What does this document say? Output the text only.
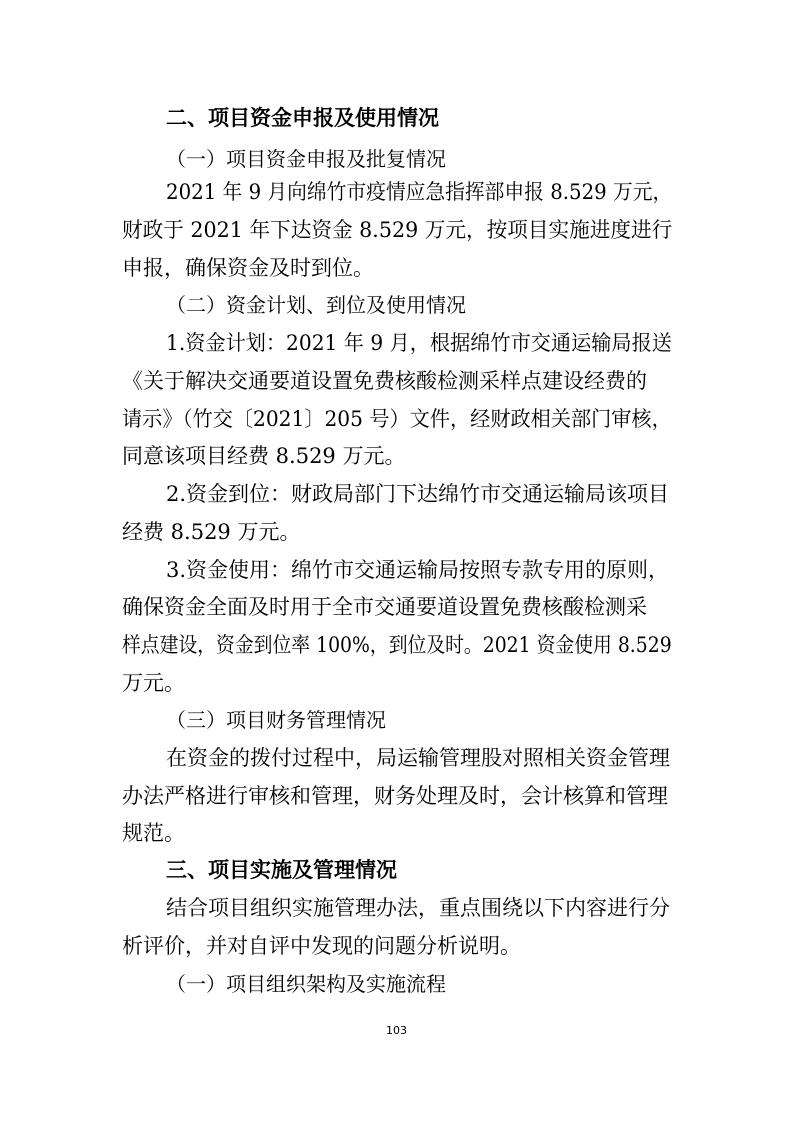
二、项目资金申报及使用情况
（一）项目资金申报及批复情况
2021 年 9 月向绵竹市疫情应急指挥部申报 8.529 万元，
财政于 2021 年下达资金 8.529 万元，按项目实施进度进行
申报，确保资金及时到位。
（二）资金计划、到位及使用情况
1.资金计划：2021 年 9 月，根据绵竹市交通运输局报送
《关于解决交通要道设置免费核酸检测采样点建设经费的
请示》（竹交〔2021〕205 号）文件，经财政相关部门审核，
同意该项目经费 8.529 万元。
2.资金到位：财政局部门下达绵竹市交通运输局该项目
经费 8.529 万元。
3.资金使用：绵竹市交通运输局按照专款专用的原则，
确保资金全面及时用于全市交通要道设置免费核酸检测采
样点建设，资金到位率 100%，到位及时。2021 资金使用 8.529
万元。
（三）项目财务管理情况
在资金的拨付过程中，局运输管理股对照相关资金管理
办法严格进行审核和管理，财务处理及时，会计核算和管理
规范。
三、项目实施及管理情况
结合项目组织实施管理办法，重点围绕以下内容进行分
析评价，并对自评中发现的问题分析说明。
（一）项目组织架构及实施流程
103
